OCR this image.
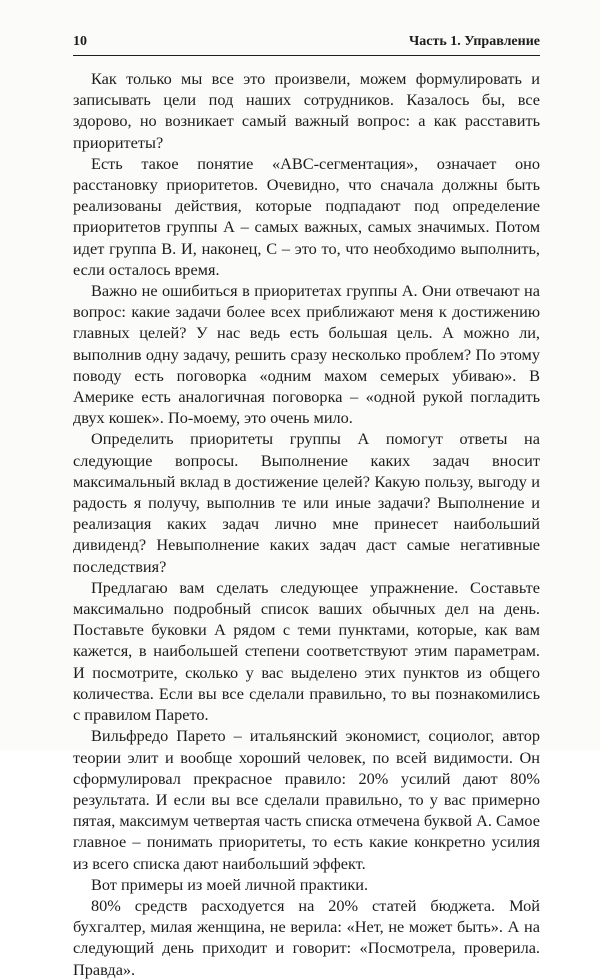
10	Часть 1. Управление

Как только мы все это произвели, можем формулировать и записывать цели под наших сотрудников. Казалось бы, все здорово, но возникает самый важный вопрос: а как расставить приоритеты?

Есть такое понятие «ABC-сегментация», означает оно расстановку приоритетов. Очевидно, что сначала должны быть реализованы действия, которые подпадают под определение приоритетов группы А – самых важных, самых значимых. Потом идет группа В. И, наконец, С – это то, что необходимо выполнить, если осталось время.

Важно не ошибиться в приоритетах группы А. Они отвечают на вопрос: какие задачи более всех приближают меня к достижению главных целей? У нас ведь есть большая цель. А можно ли, выполнив одну задачу, решить сразу несколько проблем? По этому поводу есть поговорка «одним махом семерых убиваю». В Америке есть аналогичная поговорка – «одной рукой погладить двух кошек». По-моему, это очень мило.

Определить приоритеты группы А помогут ответы на следующие вопросы. Выполнение каких задач вносит максимальный вклад в достижение целей? Какую пользу, выгоду и радость я получу, выполнив те или иные задачи? Выполнение и реализация каких задач лично мне принесет наибольший дивиденд? Невыполнение каких задач даст самые негативные последствия?

Предлагаю вам сделать следующее упражнение. Составьте максимально подробный список ваших обычных дел на день. Поставьте буковки А рядом с теми пунктами, которые, как вам кажется, в наибольшей степени соответствуют этим параметрам. И посмотрите, сколько у вас выделено этих пунктов из общего количества. Если вы все сделали правильно, то вы познакомились с правилом Парето.

Вильфредо Парето – итальянский экономист, социолог, автор теории элит и вообще хороший человек, по всей видимости. Он сформулировал прекрасное правило: 20% усилий дают 80% результата. И если вы все сделали правильно, то у вас примерно пятая, максимум четвертая часть списка отмечена буквой А. Самое главное – понимать приоритеты, то есть какие конкретно усилия из всего списка дают наибольший эффект.

Вот примеры из моей личной практики.

80% средств расходуется на 20% статей бюджета. Мой бухгалтер, милая женщина, не верила: «Нет, не может быть». А на следующий день приходит и говорит: «Посмотрела, проверила. Правда».
